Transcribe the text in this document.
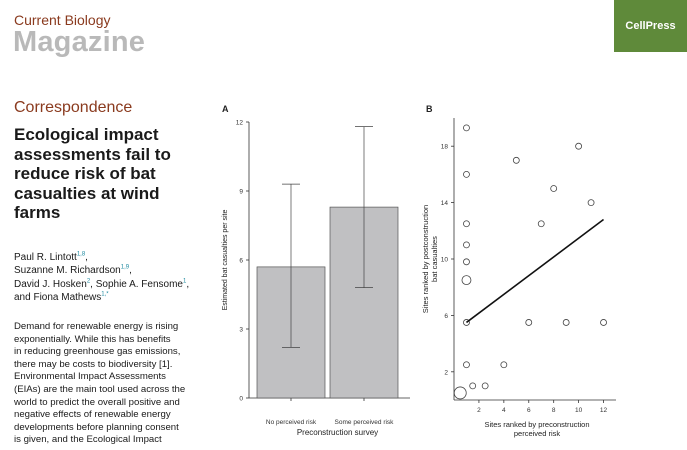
Current Biology
Magazine	CellPress
Correspondence
Ecological impact
assessments fail to
reduce risk of bat
casualties at wind
farms
Paul R. Lintott$^{1,8}$,
Suzanne M. Richardson$^{1,9}$,
David J. Hosken$^2$, Sophie A. Fensome$^1$,
and Fiona Mathews$^{1,*}$
Demand for renewable energy is rising
exponentially. While this has benefits
in reducing greenhouse gas emissions,
there may be costs to biodiversity [1].
Environmental Impact Assessments
(EIAs) are the main tool used across the
world to predict the overall positive and
negative effects of renewable energy
developments before planning consent
is given, and the Ecological Impact
A
0
3
6
9
12
No perceived risk	Some perceived risk
Preconstruction survey
Estimated bat casualties per site
B
2	4	6	8	10	12
2
6
10
14
18
Sites ranked by preconstruction
perceived risk
Sites ranked by postconstruction bat casualties
